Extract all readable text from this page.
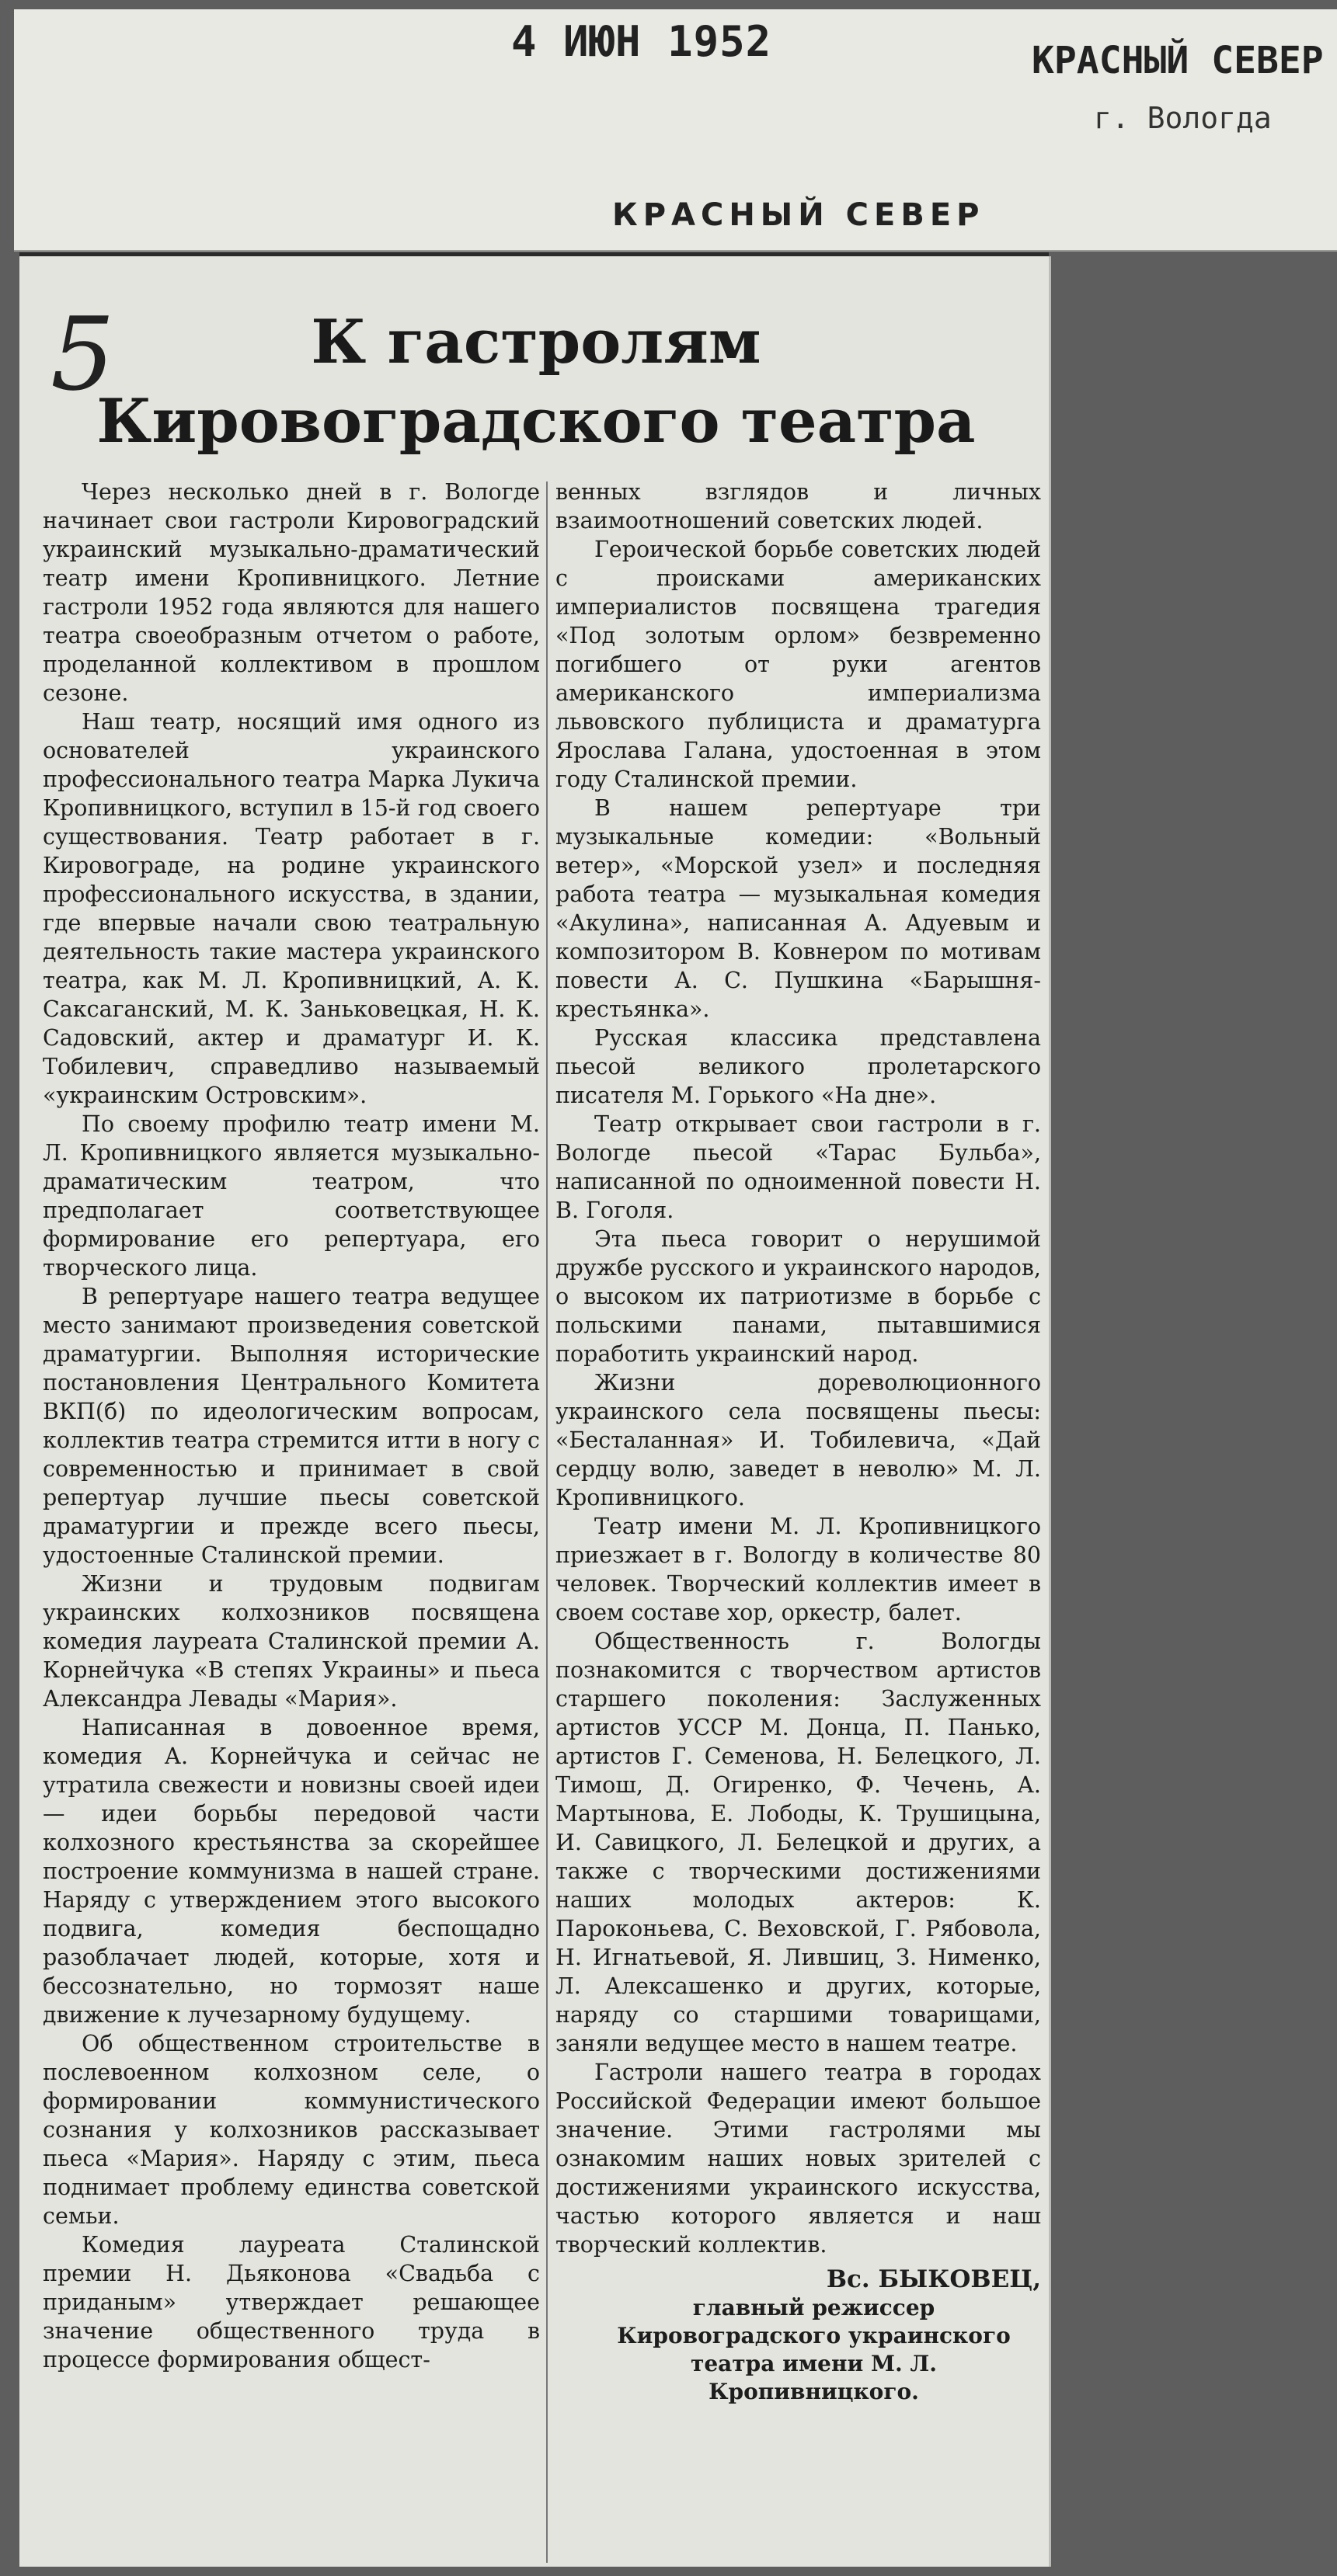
4 ИЮН 1952	КРАСНЫЙ СЕВЕР
г. Вологда
КРАСНЫЙ СЕВЕР
5	К гастролям Кировоградского театра

Через несколько дней в г. Вологде начинает свои гастроли Кировоградский украинский музыкально-драматический театр имени Кропивницкого. Летние гастроли 1952 года являются для нашего театра своеобразным отчетом о работе, проделанной коллективом в прошлом сезоне.

Наш театр, носящий имя одного из основателей украинского профессионального театра Марка Лукича Кропивницкого, вступил в 15-й год своего существования. Театр работает в г. Кировограде, на родине украинского профессионального искусства, в здании, где впервые начали свою театральную деятельность такие мастера украинского театра, как М. Л. Кропивницкий, А. К. Саксаганский, М. К. Заньковецкая, Н. К. Садовский, актер и драматург И. К. Тобилевич, справедливо называемый «украинским Островским».

По своему профилю театр имени М. Л. Кропивницкого является музыкально-драматическим театром, что предполагает соответствующее формирование его репертуара, его творческого лица.

В репертуаре нашего театра ведущее место занимают произведения советской драматургии. Выполняя исторические постановления Центрального Комитета ВКП(б) по идеологическим вопросам, коллектив театра стремится итти в ногу с современностью и принимает в свой репертуар лучшие пьесы советской драматургии и прежде всего пьесы, удостоенные Сталинской премии.

Жизни и трудовым подвигам украинских колхозников посвящена комедия лауреата Сталинской премии А. Корнейчука «В степях Украины» и пьеса Александра Левады «Мария».

Написанная в довоенное время, комедия А. Корнейчука и сейчас не утратила свежести и новизны своей идеи — идеи борьбы передовой части колхозного крестьянства за скорейшее построение коммунизма в нашей стране. Наряду с утверждением этого высокого подвига, комедия беспощадно разоблачает людей, которые, хотя и бессознательно, но тормозят наше движение к лучезарному будущему.

Об общественном строительстве в послевоенном колхозном селе, о формировании коммунистического сознания у колхозников рассказывает пьеса «Мария». Наряду с этим, пьеса поднимает проблему единства советской семьи.

Комедия лауреата Сталинской премии Н. Дьяконова «Свадьба с приданым» утверждает решающее значение общественного труда в процессе формирования общест-

венных взглядов и личных взаимоотношений советских людей.

Героической борьбе советских людей с происками американских империалистов посвящена трагедия «Под золотым орлом» безвременно погибшего от руки агентов американского империализма львовского публициста и драматурга Ярослава Галана, удостоенная в этом году Сталинской премии.

В нашем репертуаре три музыкальные комедии: «Вольный ветер», «Морской узел» и последняя работа театра — музыкальная комедия «Акулина», написанная А. Адуевым и композитором В. Ковнером по мотивам повести А. С. Пушкина «Барышня-крестьянка».

Русская классика представлена пьесой великого пролетарского писателя М. Горького «На дне».

Театр открывает свои гастроли в г. Вологде пьесой «Тарас Бульба», написанной по одноименной повести Н. В. Гоголя.

Эта пьеса говорит о нерушимой дружбе русского и украинского народов, о высоком их патриотизме в борьбе с польскими панами, пытавшимися поработить украинский народ.

Жизни дореволюционного украинского села посвящены пьесы: «Бесталанная» И. Тобилевича, «Дай сердцу волю, заведет в неволю» М. Л. Кропивницкого.

Театр имени М. Л. Кропивницкого приезжает в г. Вологду в количестве 80 человек. Творческий коллектив имеет в своем составе хор, оркестр, балет.

Общественность г. Вологды познакомится с творчеством артистов старшего поколения: Заслуженных артистов УССР М. Донца, П. Панько, артистов Г. Семенова, Н. Белецкого, Л. Тимош, Д. Огиренко, Ф. Чечень, А. Мартынова, Е. Лободы, К. Трушицына, И. Савицкого, Л. Белецкой и других, а также с творческими достижениями наших молодых актеров: К. Пароконьева, С. Веховской, Г. Рябовола, Н. Игнатьевой, Я. Лившиц, З. Нименко, Л. Алексашенко и других, которые, наряду со старшими товарищами, заняли ведущее место в нашем театре.

Гастроли нашего театра в городах Российской Федерации имеют большое значение. Этими гастролями мы ознакомим наших новых зрителей с достижениями украинского искусства, частью которого является и наш творческий коллектив.

Вс. БЫКОВЕЦ,
главный режиссер Кировоградского украинского театра имени М. Л. Кропивницкого.
